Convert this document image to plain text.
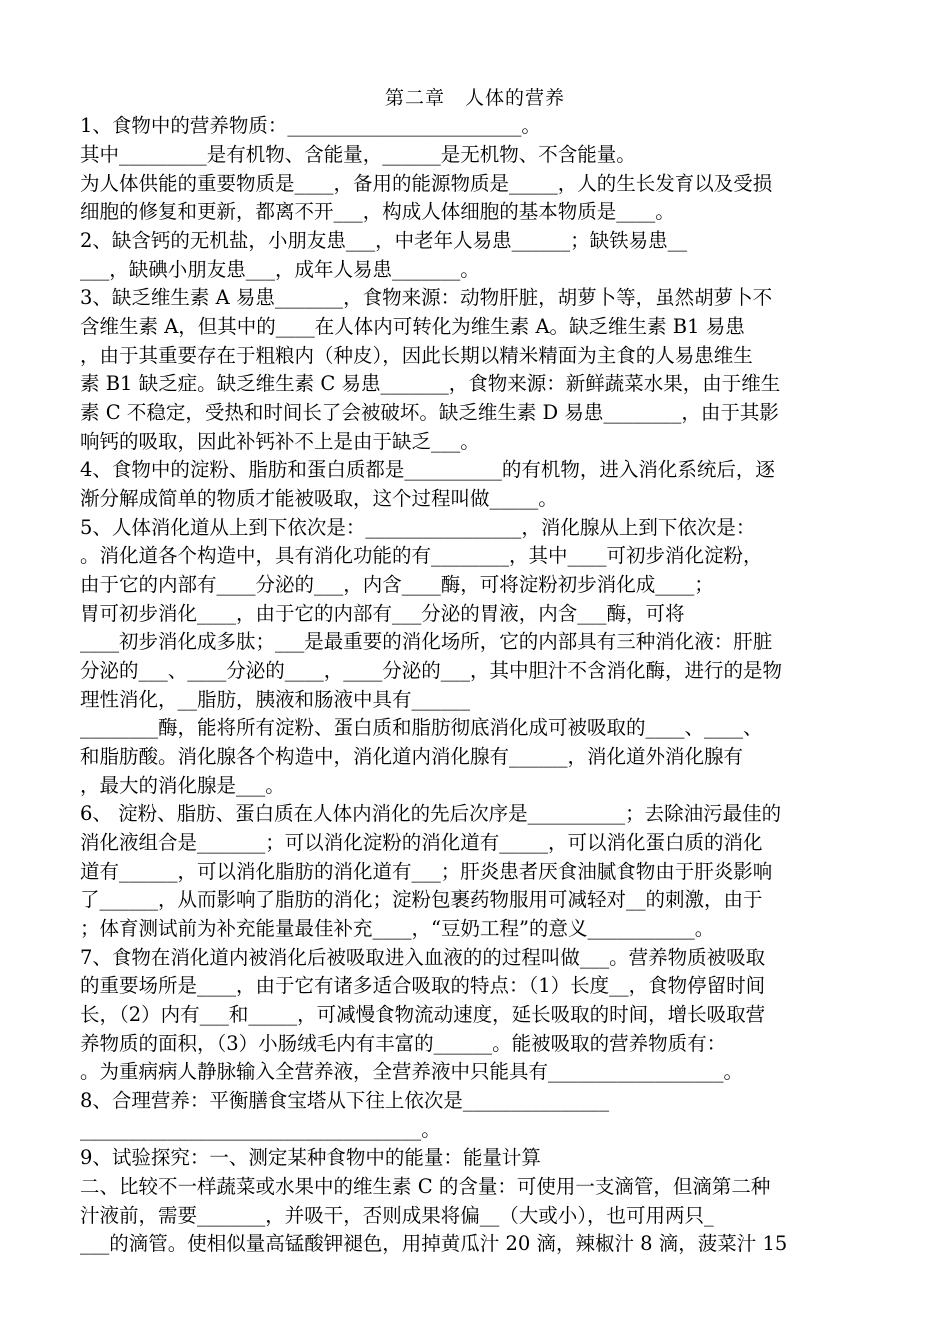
第二章　人体的营养
1、食物中的营养物质：________________________。
其中_________是有机物、含能量，______是无机物、不含能量。
为人体供能的重要物质是____，备用的能源物质是_____，人的生长发育以及受损
细胞的修复和更新，都离不开___，构成人体细胞的基本物质是____。
2、缺含钙的无机盐，小朋友患___，中老年人易患______；缺铁易患__
___，缺碘小朋友患___，成年人易患_______。
3、缺乏维生素 A 易患_______，食物来源：动物肝脏，胡萝卜等，虽然胡萝卜不
含维生素 A，但其中的____在人体内可转化为维生素 A。缺乏维生素 B1 易患
，由于其重要存在于粗粮内（种皮），因此长期以精米精面为主食的人易患维生
素 B1 缺乏症。缺乏维生素 C 易患_______，食物来源：新鲜蔬菜水果，由于维生
素 C 不稳定，受热和时间长了会被破坏。缺乏维生素 D 易患________，由于其影
响钙的吸取，因此补钙补不上是由于缺乏___。
4、食物中的淀粉、脂肪和蛋白质都是__________的有机物，进入消化系统后，逐
渐分解成简单的物质才能被吸取，这个过程叫做_____。
5、人体消化道从上到下依次是：________________，消化腺从上到下依次是：
。消化道各个构造中，具有消化功能的有________，其中____可初步消化淀粉，
由于它的内部有____分泌的___，内含____酶，可将淀粉初步消化成____；
胃可初步消化____，由于它的内部有___分泌的胃液，内含___酶，可将
____初步消化成多肽；___是最重要的消化场所，它的内部具有三种消化液：肝脏
分泌的___、____分泌的____，____分泌的___，其中胆汁不含消化酶，进行的是物
理性消化，__脂肪，胰液和肠液中具有______
________酶，能将所有淀粉、蛋白质和脂肪彻底消化成可被吸取的____、____、
和脂肪酸。消化腺各个构造中，消化道内消化腺有______，消化道外消化腺有
，最大的消化腺是___。
6、 淀粉、脂肪、蛋白质在人体内消化的先后次序是__________；去除油污最佳的
消化液组合是_______；可以消化淀粉的消化道有_____，可以消化蛋白质的消化
道有______，可以消化脂肪的消化道有___；肝炎患者厌食油腻食物由于肝炎影响
了______，从而影响了脂肪的消化；淀粉包裹药物服用可减轻对__的刺激，由于
；体育测试前为补充能量最佳补充____，“豆奶工程”的意义___________。
7、食物在消化道内被消化后被吸取进入血液的的过程叫做___。营养物质被吸取
的重要场所是____，由于它有诸多适合吸取的特点：（1）长度__，食物停留时间
长，（2）内有___和_____，可减慢食物流动速度，延长吸取的时间，增长吸取营
养物质的面积，（3）小肠绒毛内有丰富的______。能被吸取的营养物质有：
。为重病病人静脉输入全营养液，全营养液中只能具有__________________。
8、合理营养：平衡膳食宝塔从下往上依次是_______________
___________________________________。
9、试验探究：一、测定某种食物中的能量：能量计算
二、比较不一样蔬菜或水果中的维生素 C 的含量：可使用一支滴管，但滴第二种
汁液前，需要_______，并吸干，否则成果将偏__（大或小），也可用两只_
___的滴管。使相似量高锰酸钾褪色，用掉黄瓜汁 20 滴，辣椒汁 8 滴，菠菜汁 15
